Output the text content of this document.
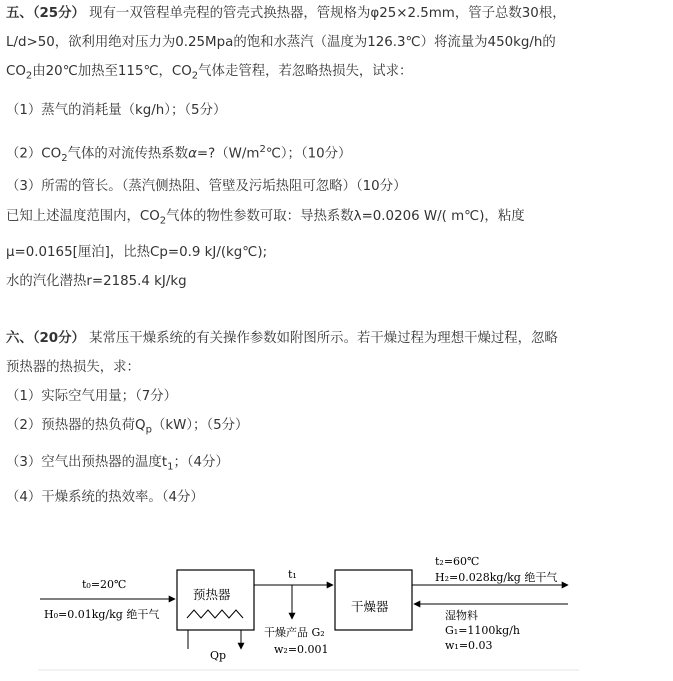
五、（25分） 现有一双管程单壳程的管壳式换热器，管规格为φ25×2.5mm，管子总数30根，
L/d>50，欲利用绝对压力为0.25Mpa的饱和水蒸汽（温度为126.3℃）将流量为450kg/h的
$CO_2$由20℃加热至115℃，$CO_2$气体走管程，若忽略热损失，试求：
（1）蒸气的消耗量（kg/h）；（5分）
$(2)CO_2$气体的对流传热系数$\alpha=?(W/m^2℃)$；（10分）
（3）所需的管长。（蒸汽侧热阻、管壁及污垢热阻可忽略）（10分）
已知上述温度范围内，$CO_2$气体的物性参数可取：导热系数λ=0.0206 W/( m℃)，粘度
μ=0.0165[厘泊]，比热Cp=0.9 kJ/(kg℃);
水的汽化潜热r=2185.4 kJ/kg
六、（20分） 某常压干燥系统的有关操作参数如附图所示。若干燥过程为理想干燥过程，忽略
预热器的热损失，求：
（1）实际空气用量；（7分）
（2）预热器的热负荷$Q_p(kW)$；（5分）
（3）空气出预热器的温度$t_1$；（4分）
（4）干燥系统的热效率。（4分）
t₀=20℃
H₀=0.01kg/kg 绝干气
预热器
t₁
干燥器
t₂=60℃
H₂=0.028kg/kg 绝干气
干燥产品 G₂
w₂=0.001
Qp
湿物料
G₁=1100kg/h
w₁=0.03
